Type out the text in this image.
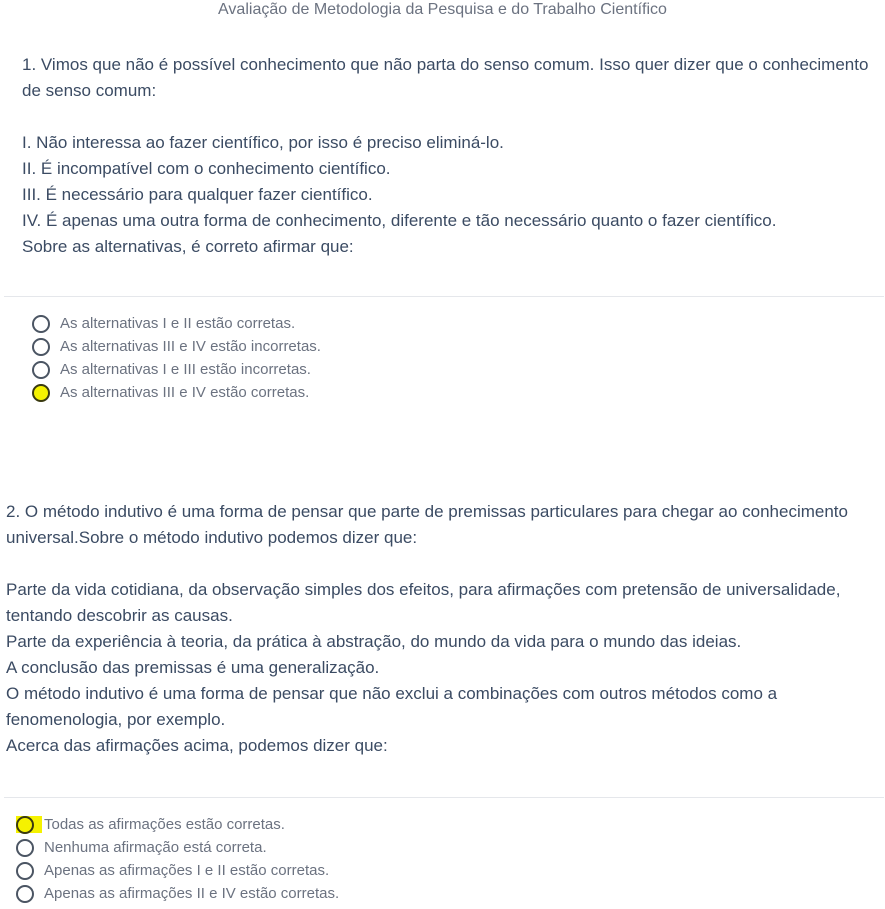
Avaliação de Metodologia da Pesquisa e do Trabalho Científico

1. Vimos que não é possível conhecimento que não parta do senso comum. Isso quer dizer que o conhecimento de senso comum:

I. Não interessa ao fazer científico, por isso é preciso eliminá-lo.

II. É incompatível com o conhecimento científico.

III. É necessário para qualquer fazer científico.

IV. É apenas uma outra forma de conhecimento, diferente e tão necessário quanto o fazer científico.

Sobre as alternativas, é correto afirmar que:

As alternativas I e II estão corretas.
As alternativas III e IV estão incorretas.
As alternativas I e III estão incorretas.
As alternativas III e IV estão corretas.

2. O método indutivo é uma forma de pensar que parte de premissas particulares para chegar ao conhecimento universal.Sobre o método indutivo podemos dizer que:

Parte da vida cotidiana, da observação simples dos efeitos, para afirmações com pretensão de universalidade, tentando descobrir as causas.

Parte da experiência à teoria, da prática à abstração, do mundo da vida para o mundo das ideias.

A conclusão das premissas é uma generalização.

O método indutivo é uma forma de pensar que não exclui a combinações com outros métodos como a fenomenologia, por exemplo.

Acerca das afirmações acima, podemos dizer que:

Todas as afirmações estão corretas.
Nenhuma afirmação está correta.
Apenas as afirmações I e II estão corretas.
Apenas as afirmações II e IV estão corretas.
